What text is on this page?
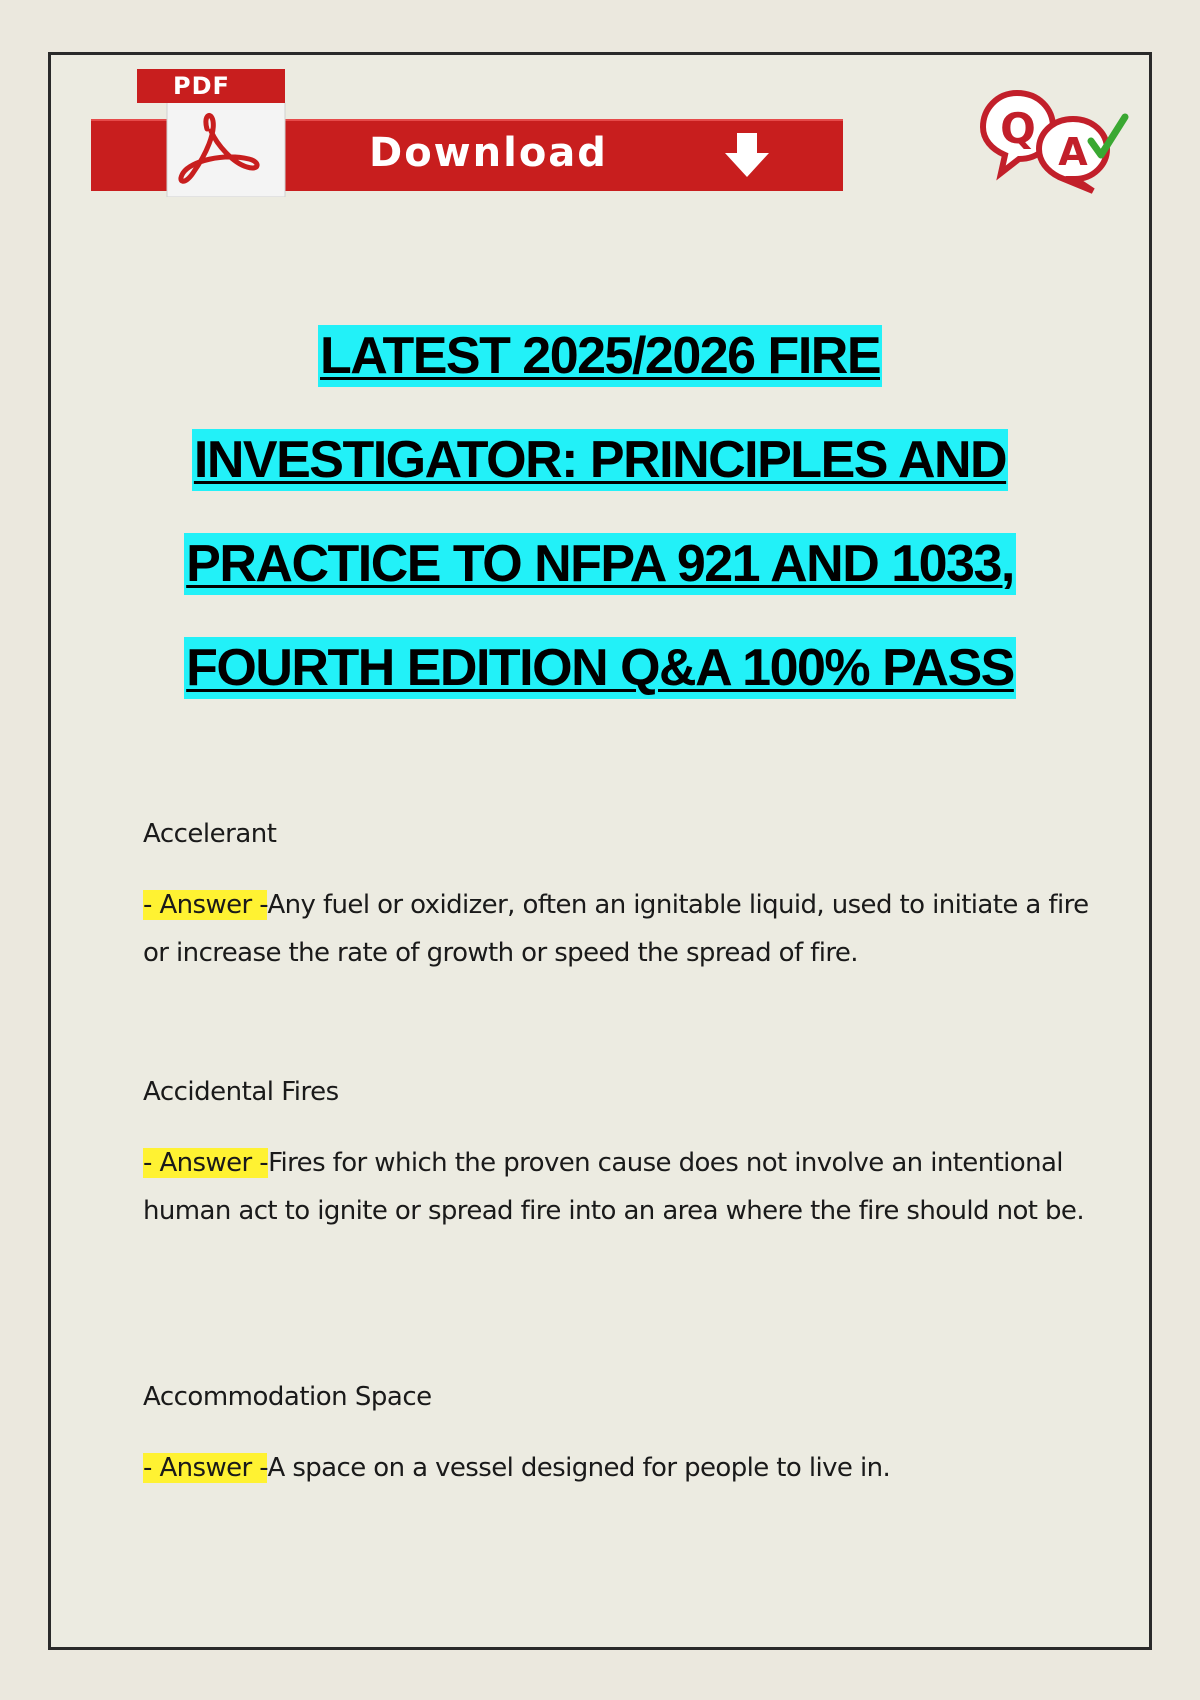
Download
PDF
Q A
LATEST 2025/2026 FIRE
INVESTIGATOR: PRINCIPLES AND
PRACTICE TO NFPA 921 AND 1033,
FOURTH EDITION Q&A 100% PASS
Accelerant
- Answer -Any fuel or oxidizer, often an ignitable liquid, used to initiate a fire or increase the rate of growth or speed the spread of fire.
Accidental Fires
- Answer -Fires for which the proven cause does not involve an intentional human act to ignite or spread fire into an area where the fire should not be.
Accommodation Space
- Answer -A space on a vessel designed for people to live in.
